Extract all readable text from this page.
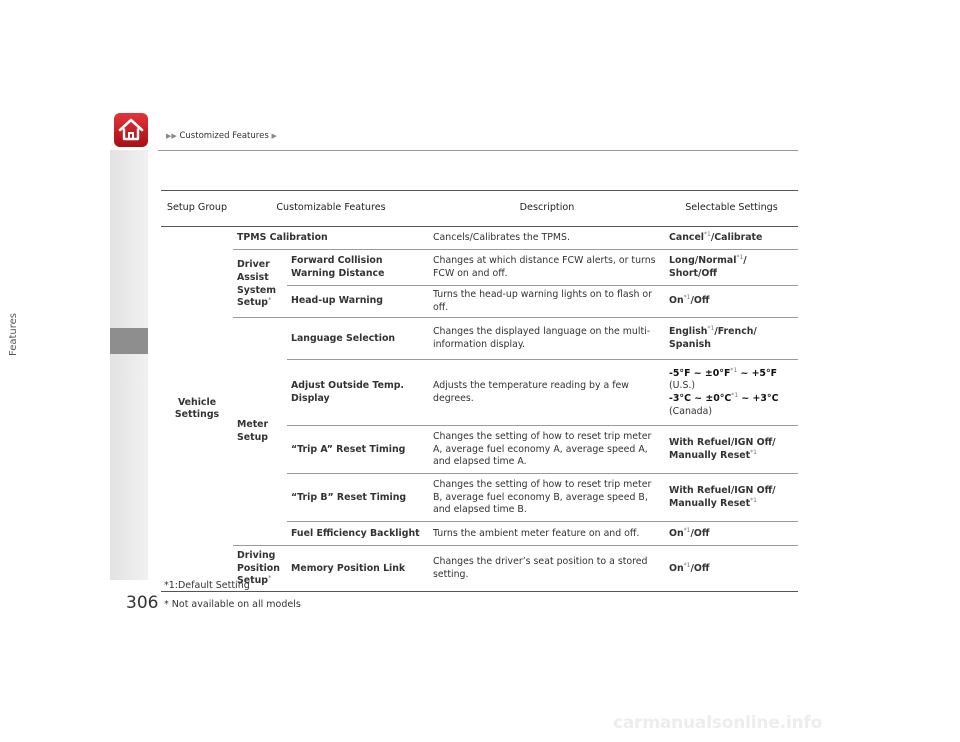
Features
▶▶ Customized Features ▶
Setup Group	Customizable Features		Description	Selectable Settings
Vehicle Settings	TPMS Calibration		Cancels/Calibrates the TPMS.	Cancel$^{*1}$/Calibrate
	Driver Assist System Setup*	Forward Collision Warning Distance	Changes at which distance FCW alerts, or turns FCW on and off.	Long/Normal$^{*1}$/
Short/Off
		Head-up Warning	Turns the head-up warning lights on to flash or off.	On$^{*1}$/Off
	Meter Setup	Language Selection	Changes the displayed language on the multi-information display.	English$^{*1}$/French/
Spanish
		Adjust Outside Temp. Display	Adjusts the temperature reading by a few degrees.	-5°F ~ $\pm 0^\circ F^{*1}$ ~ +5°F
(U.S.)
-3°C ~ $\pm 0^\circ C^{*1}$ ~ +3°C
(Canada)
		“Trip A” Reset Timing	Changes the setting of how to reset trip meter A, average fuel economy A, average speed A, and elapsed time A.	With Refuel/IGN Off/
Manually Reset$^{*1}$
		“Trip B” Reset Timing	Changes the setting of how to reset trip meter B, average fuel economy B, average speed B, and elapsed time B.	With Refuel/IGN Off/
Manually Reset$^{*1}$
		Fuel Efficiency Backlight	Turns the ambient meter feature on and off.	On$^{*1}$/Off
	Driving Position Setup*	Memory Position Link	Changes the driver’s seat position to a stored setting.	On$^{*1}$/Off
*1:Default Setting
* Not available on all models
306
carmanualsonline.info
